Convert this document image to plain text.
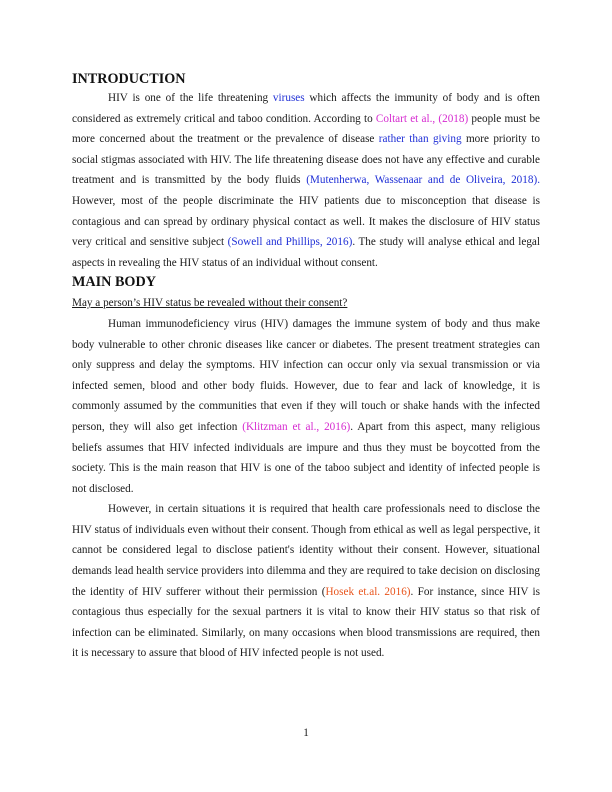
INTRODUCTION

HIV is one of the life threatening viruses which affects the immunity of body and is often considered as extremely critical and taboo condition. According to Coltart et al., (2018) people must be more concerned about the treatment or the prevalence of disease rather than giving more priority to social stigmas associated with HIV. The life threatening disease does not have any effective and curable treatment and is transmitted by the body fluids (Mutenherwa, Wassenaar and de Oliveira, 2018). However, most of the people discriminate the HIV patients due to misconception that disease is contagious and can spread by ordinary physical contact as well. It makes the disclosure of HIV status very critical and sensitive subject (Sowell and Phillips, 2016). The study will analyse ethical and legal aspects in revealing the HIV status of an individual without consent.

MAIN BODY

May a person’s HIV status be revealed without their consent?

Human immunodeficiency virus (HIV) damages the immune system of body and thus make body vulnerable to other chronic diseases like cancer or diabetes. The present treatment strategies can only suppress and delay the symptoms. HIV infection can occur only via sexual transmission or via infected semen, blood and other body fluids. However, due to fear and lack of knowledge, it is commonly assumed by the communities that even if they will touch or shake hands with the infected person, they will also get infection (Klitzman et al., 2016). Apart from this aspect, many religious beliefs assumes that HIV infected individuals are impure and thus they must be boycotted from the society. This is the main reason that HIV is one of the taboo subject and identity of infected people is not disclosed.

However, in certain situations it is required that health care professionals need to disclose the HIV status of individuals even without their consent. Though from ethical as well as legal perspective, it cannot be considered legal to disclose patient's identity without their consent. However, situational demands lead health service providers into dilemma and they are required to take decision on disclosing the identity of HIV sufferer without their permission (Hosek et.al. 2016). For instance, since HIV is contagious thus especially for the sexual partners it is vital to know their HIV status so that risk of infection can be eliminated. Similarly, on many occasions when blood transmissions are required, then it is necessary to assure that blood of HIV infected people is not used.

1
